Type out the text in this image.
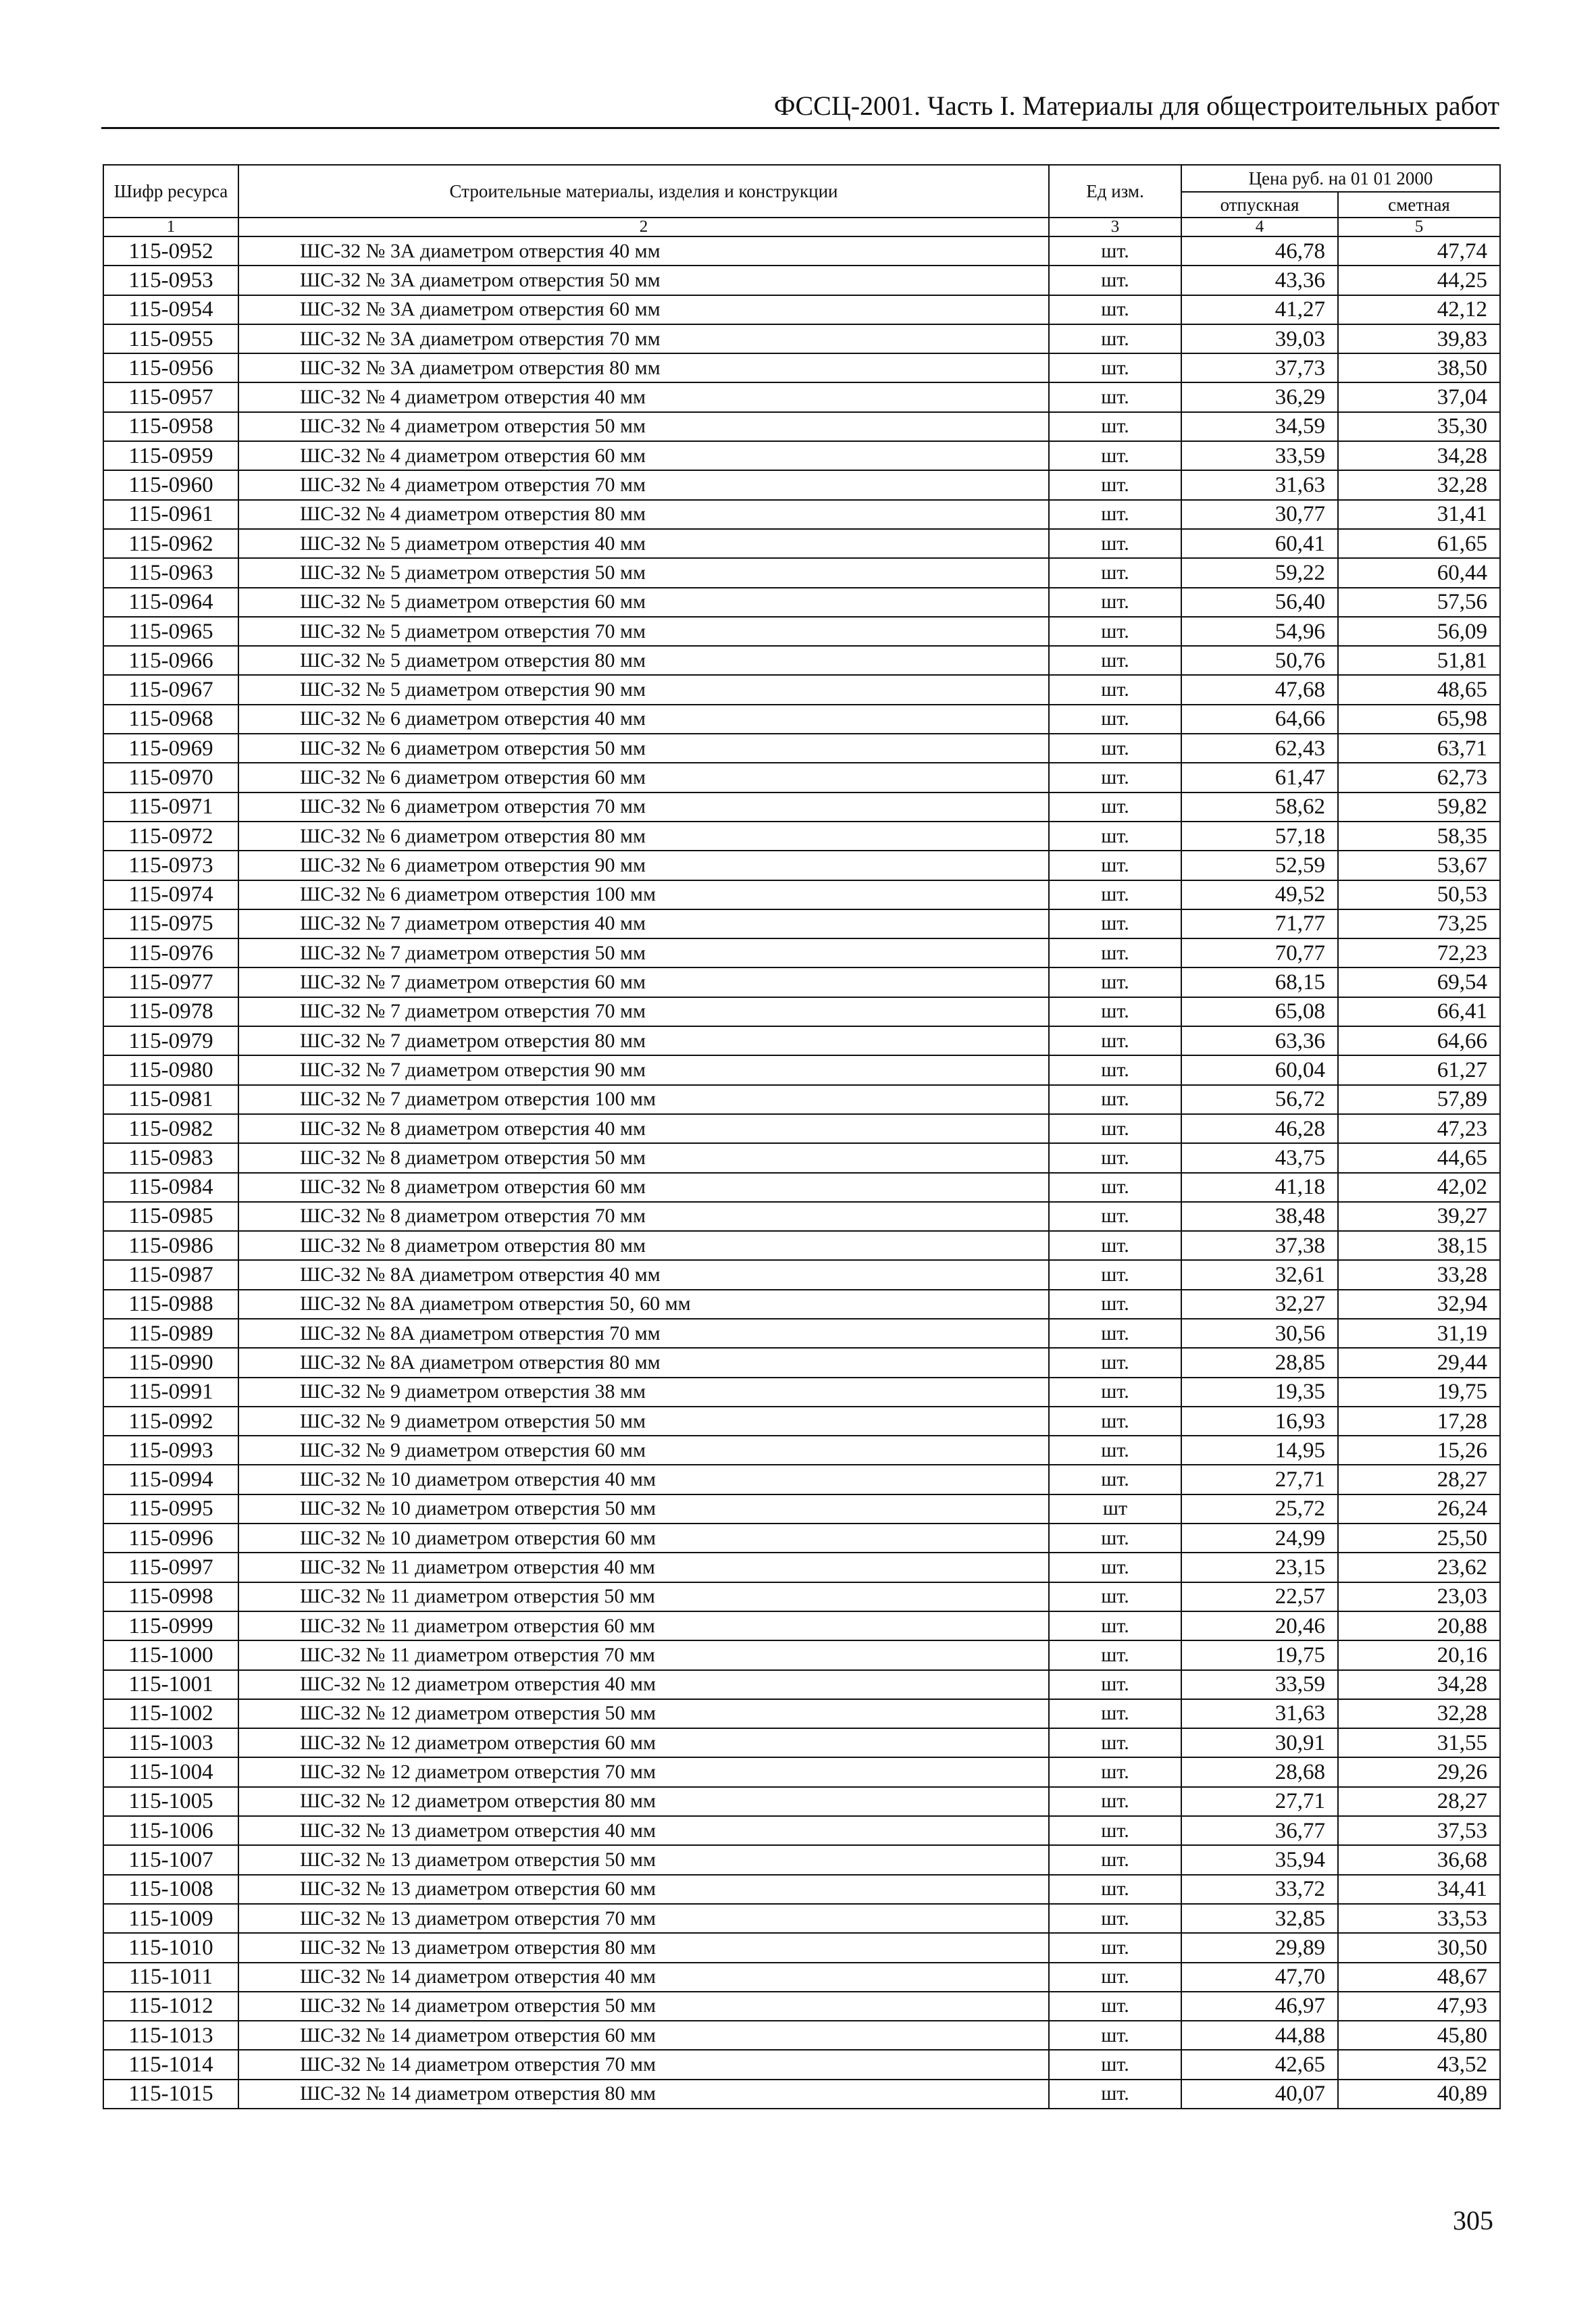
ФССЦ-2001. Часть I. Материалы для общестроительных работ
Шифр ресурса	Строительные материалы, изделия и конструкции	Ед изм.	Цена руб. на 01 01 2000	
			отпускная	сметная
1	2	3	4	5
115-0952	ШС-32 № 3А диаметром отверстия 40 мм	шт.	46,78	47,74
115-0953	ШС-32 № 3А диаметром отверстия 50 мм	шт.	43,36	44,25
115-0954	ШС-32 № 3А диаметром отверстия 60 мм	шт.	41,27	42,12
115-0955	ШС-32 № 3А диаметром отверстия 70 мм	шт.	39,03	39,83
115-0956	ШС-32 № 3А диаметром отверстия 80 мм	шт.	37,73	38,50
115-0957	ШС-32 № 4 диаметром отверстия 40 мм	шт.	36,29	37,04
115-0958	ШС-32 № 4 диаметром отверстия 50 мм	шт.	34,59	35,30
115-0959	ШС-32 № 4 диаметром отверстия 60 мм	шт.	33,59	34,28
115-0960	ШС-32 № 4 диаметром отверстия 70 мм	шт.	31,63	32,28
115-0961	ШС-32 № 4 диаметром отверстия 80 мм	шт.	30,77	31,41
115-0962	ШС-32 № 5 диаметром отверстия 40 мм	шт.	60,41	61,65
115-0963	ШС-32 № 5 диаметром отверстия 50 мм	шт.	59,22	60,44
115-0964	ШС-32 № 5 диаметром отверстия 60 мм	шт.	56,40	57,56
115-0965	ШС-32 № 5 диаметром отверстия 70 мм	шт.	54,96	56,09
115-0966	ШС-32 № 5 диаметром отверстия 80 мм	шт.	50,76	51,81
115-0967	ШС-32 № 5 диаметром отверстия 90 мм	шт.	47,68	48,65
115-0968	ШС-32 № 6 диаметром отверстия 40 мм	шт.	64,66	65,98
115-0969	ШС-32 № 6 диаметром отверстия 50 мм	шт.	62,43	63,71
115-0970	ШС-32 № 6 диаметром отверстия 60 мм	шт.	61,47	62,73
115-0971	ШС-32 № 6 диаметром отверстия 70 мм	шт.	58,62	59,82
115-0972	ШС-32 № 6 диаметром отверстия 80 мм	шт.	57,18	58,35
115-0973	ШС-32 № 6 диаметром отверстия 90 мм	шт.	52,59	53,67
115-0974	ШС-32 № 6 диаметром отверстия 100 мм	шт.	49,52	50,53
115-0975	ШС-32 № 7 диаметром отверстия 40 мм	шт.	71,77	73,25
115-0976	ШС-32 № 7 диаметром отверстия 50 мм	шт.	70,77	72,23
115-0977	ШС-32 № 7 диаметром отверстия 60 мм	шт.	68,15	69,54
115-0978	ШС-32 № 7 диаметром отверстия 70 мм	шт.	65,08	66,41
115-0979	ШС-32 № 7 диаметром отверстия 80 мм	шт.	63,36	64,66
115-0980	ШС-32 № 7 диаметром отверстия 90 мм	шт.	60,04	61,27
115-0981	ШС-32 № 7 диаметром отверстия 100 мм	шт.	56,72	57,89
115-0982	ШС-32 № 8 диаметром отверстия 40 мм	шт.	46,28	47,23
115-0983	ШС-32 № 8 диаметром отверстия 50 мм	шт.	43,75	44,65
115-0984	ШС-32 № 8 диаметром отверстия 60 мм	шт.	41,18	42,02
115-0985	ШС-32 № 8 диаметром отверстия 70 мм	шт.	38,48	39,27
115-0986	ШС-32 № 8 диаметром отверстия 80 мм	шт.	37,38	38,15
115-0987	ШС-32 № 8А диаметром отверстия 40 мм	шт.	32,61	33,28
115-0988	ШС-32 № 8А диаметром отверстия 50, 60 мм	шт.	32,27	32,94
115-0989	ШС-32 № 8А диаметром отверстия 70 мм	шт.	30,56	31,19
115-0990	ШС-32 № 8А диаметром отверстия 80 мм	шт.	28,85	29,44
115-0991	ШС-32 № 9 диаметром отверстия 38 мм	шт.	19,35	19,75
115-0992	ШС-32 № 9 диаметром отверстия 50 мм	шт.	16,93	17,28
115-0993	ШС-32 № 9 диаметром отверстия 60 мм	шт.	14,95	15,26
115-0994	ШС-32 № 10 диаметром отверстия 40 мм	шт.	27,71	28,27
115-0995	ШС-32 № 10 диаметром отверстия 50 мм	шт	25,72	26,24
115-0996	ШС-32 № 10 диаметром отверстия 60 мм	шт.	24,99	25,50
115-0997	ШС-32 № 11 диаметром отверстия 40 мм	шт.	23,15	23,62
115-0998	ШС-32 № 11 диаметром отверстия 50 мм	шт.	22,57	23,03
115-0999	ШС-32 № 11 диаметром отверстия 60 мм	шт.	20,46	20,88
115-1000	ШС-32 № 11 диаметром отверстия 70 мм	шт.	19,75	20,16
115-1001	ШС-32 № 12 диаметром отверстия 40 мм	шт.	33,59	34,28
115-1002	ШС-32 № 12 диаметром отверстия 50 мм	шт.	31,63	32,28
115-1003	ШС-32 № 12 диаметром отверстия 60 мм	шт.	30,91	31,55
115-1004	ШС-32 № 12 диаметром отверстия 70 мм	шт.	28,68	29,26
115-1005	ШС-32 № 12 диаметром отверстия 80 мм	шт.	27,71	28,27
115-1006	ШС-32 № 13 диаметром отверстия 40 мм	шт.	36,77	37,53
115-1007	ШС-32 № 13 диаметром отверстия 50 мм	шт.	35,94	36,68
115-1008	ШС-32 № 13 диаметром отверстия 60 мм	шт.	33,72	34,41
115-1009	ШС-32 № 13 диаметром отверстия 70 мм	шт.	32,85	33,53
115-1010	ШС-32 № 13 диаметром отверстия 80 мм	шт.	29,89	30,50
115-1011	ШС-32 № 14 диаметром отверстия 40 мм	шт.	47,70	48,67
115-1012	ШС-32 № 14 диаметром отверстия 50 мм	шт.	46,97	47,93
115-1013	ШС-32 № 14 диаметром отверстия 60 мм	шт.	44,88	45,80
115-1014	ШС-32 № 14 диаметром отверстия 70 мм	шт.	42,65	43,52
115-1015	ШС-32 № 14 диаметром отверстия 80 мм	шт.	40,07	40,89
305
